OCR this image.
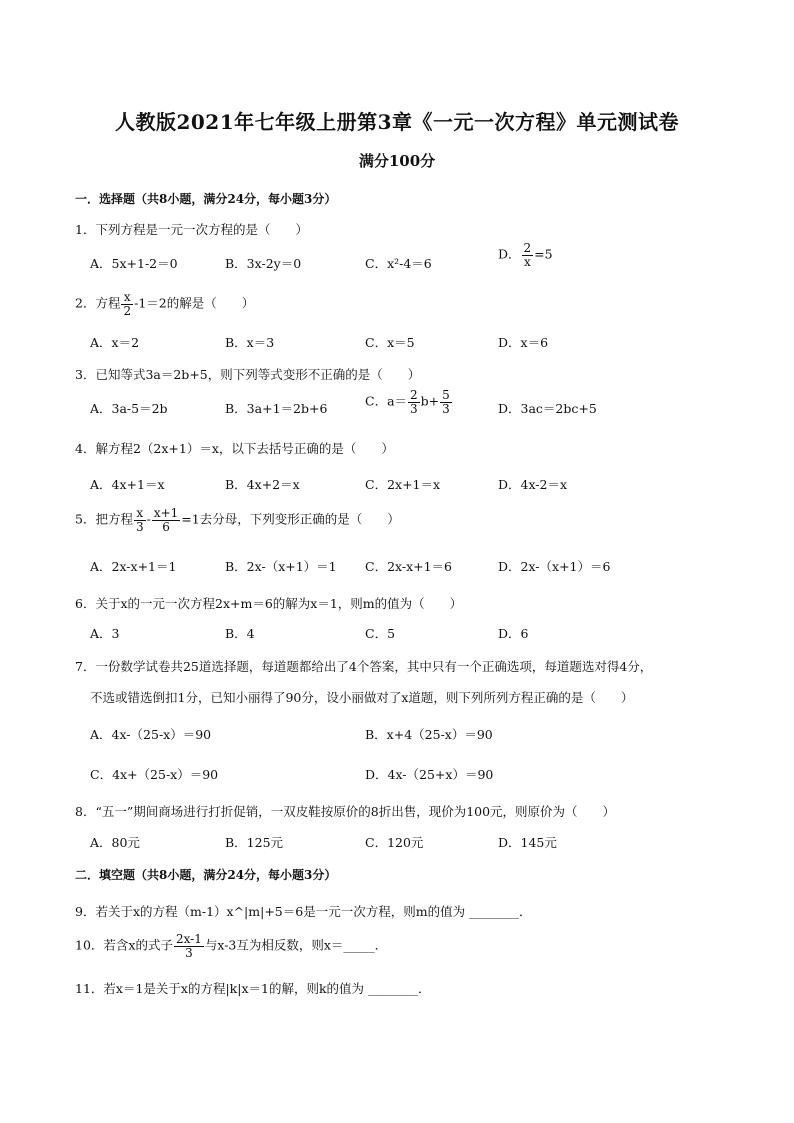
人教版2021年七年级上册第3章《一元一次方程》单元测试卷
满分100分
一．选择题（共8小题，满分24分，每小题3分）
1．下列方程是一元一次方程的是（　　）
A．5x+1-2＝0	B．3x-2y＝0	C．x²-4＝6
D． $\frac{2}{x} =5$
2．方程 $\frac{x}{2} -1=2$的解是（　　）
A．x＝2	B．x＝3	C．x＝5	D．x＝6
3．已知等式3a＝2b+5，则下列等式变形不正确的是（　　）
A．3a-5＝2b	B．3a+1＝2b+6	C．$a= \frac{2}{3} b+ \frac{5}{3}$	D．3ac＝2bc+5
4．解方程2（2x+1）＝x，以下去括号正确的是（　　）
A．4x+1＝x	B．4x+2＝x	C．2x+1＝x	D．4x-2＝x
5．把方程 $\frac{x}{3} - \frac{x+1}{6} =1$去分母，下列变形正确的是（　　）
A．2x-x+1＝1	B．2x-（x+1）＝1 C．2x-x+1＝6	D．2x-（x+1）＝6
6．关于x的一元一次方程2x+m＝6的解为x＝1，则m的值为（　　）
A．3	B．4	C．5	D．6
7．一份数学试卷共25道选择题，每道题都给出了4个答案，其中只有一个正确选项，每道题选对得4分，
不选或错选倒扣1分，已知小丽得了90分，设小丽做对了x道题，则下列所列方程正确的是（　　）
A．4x-（25-x）＝90	B．x+4（25-x）＝90
C．4x+（25-x）＝90	D．4x-（25+x）＝90
8．“五一”期间商场进行打折促销，一双皮鞋按原价的8折出售，现价为100元，则原价为（　　）
A．80元	B．125元	C．120元	D．145元
二．填空题（共8小题，满分24分，每小题3分）
9．若关于x的方程（m-1）x^|m|+5＝6是一元一次方程，则m的值为 ________．
10．若含x的式子 $\frac{2x-1}{3}$ 与x-3互为相反数，则x＝_____．
11．若x＝1是关于x的方程|k|x＝1的解，则k的值为 ________．
